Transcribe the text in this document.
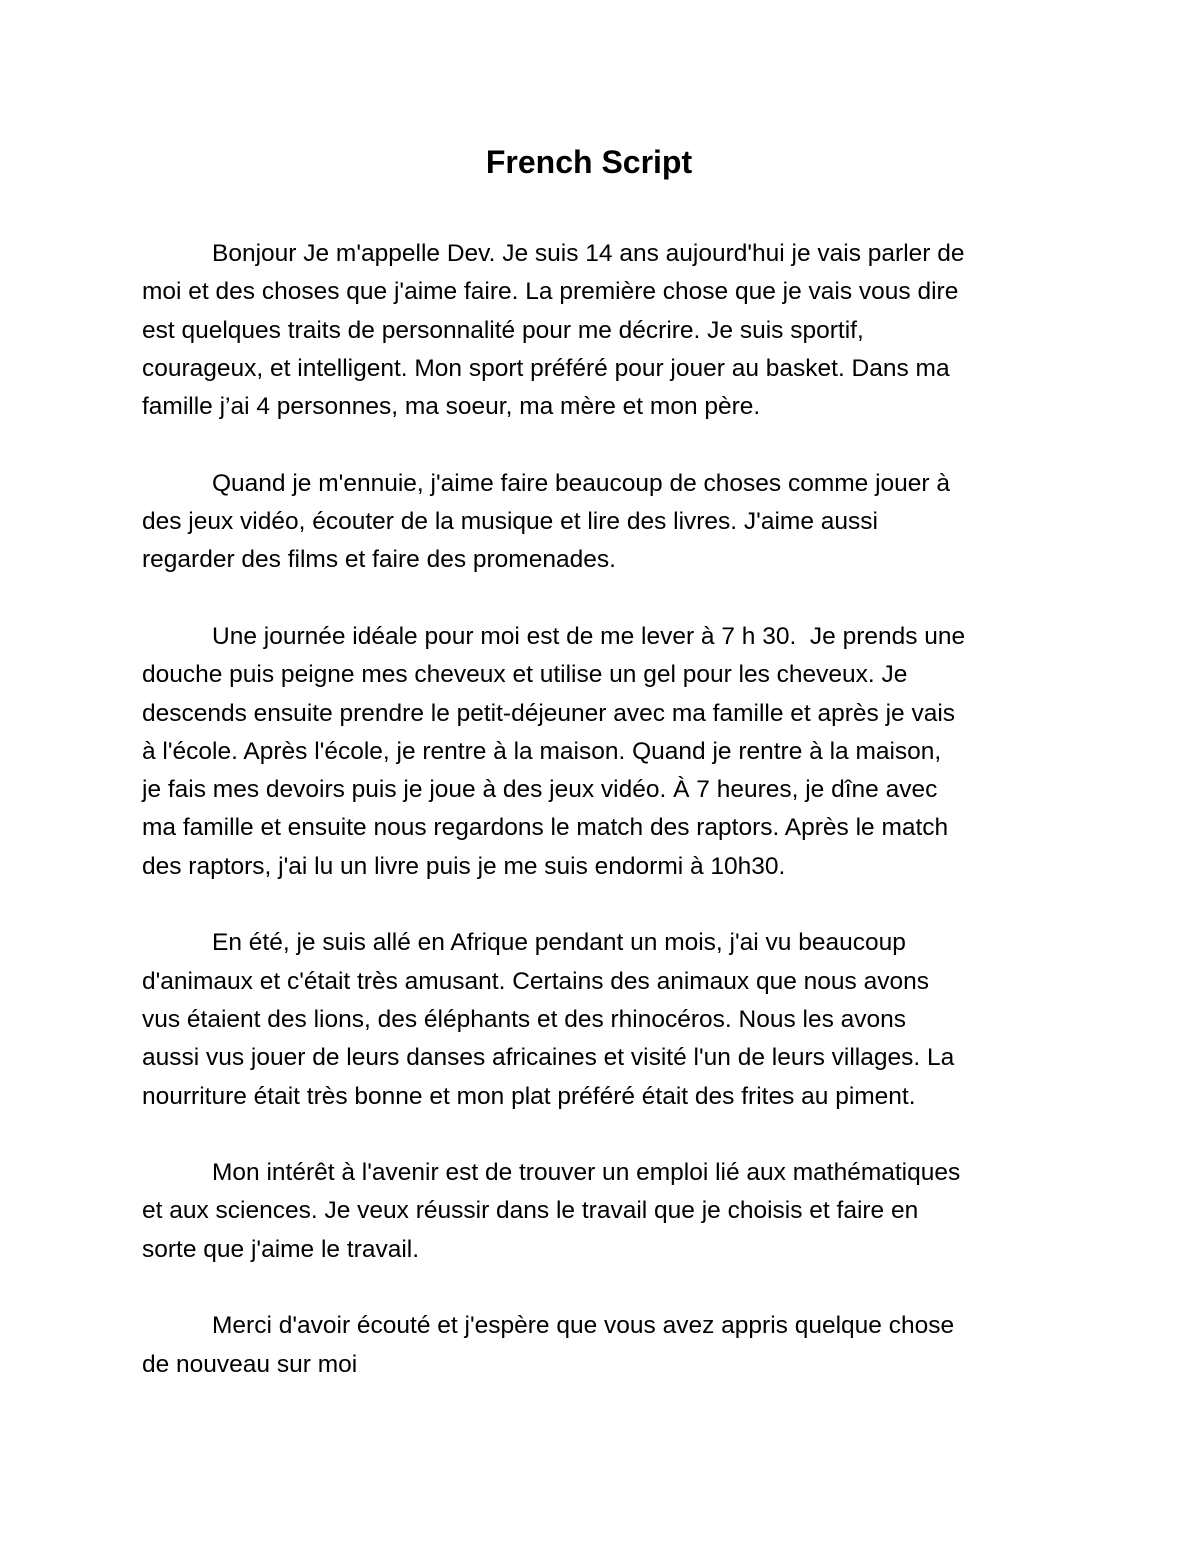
French Script
Bonjour Je m'appelle Dev. Je suis 14 ans aujourd'hui je vais parler de
moi et des choses que j'aime faire. La première chose que je vais vous dire
est quelques traits de personnalité pour me décrire. Je suis sportif,
courageux, et intelligent. Mon sport préféré pour jouer au basket. Dans ma
famille j’ai 4 personnes, ma soeur, ma mère et mon père.
Quand je m'ennuie, j'aime faire beaucoup de choses comme jouer à
des jeux vidéo, écouter de la musique et lire des livres. J'aime aussi
regarder des films et faire des promenades.
Une journée idéale pour moi est de me lever à 7 h 30.  Je prends une
douche puis peigne mes cheveux et utilise un gel pour les cheveux. Je
descends ensuite prendre le petit-déjeuner avec ma famille et après je vais
à l'école. Après l'école, je rentre à la maison. Quand je rentre à la maison,
je fais mes devoirs puis je joue à des jeux vidéo. À 7 heures, je dîne avec
ma famille et ensuite nous regardons le match des raptors. Après le match
des raptors, j'ai lu un livre puis je me suis endormi à 10h30.
En été, je suis allé en Afrique pendant un mois, j'ai vu beaucoup
d'animaux et c'était très amusant. Certains des animaux que nous avons
vus étaient des lions, des éléphants et des rhinocéros. Nous les avons
aussi vus jouer de leurs danses africaines et visité l'un de leurs villages. La
nourriture était très bonne et mon plat préféré était des frites au piment.
Mon intérêt à l'avenir est de trouver un emploi lié aux mathématiques
et aux sciences. Je veux réussir dans le travail que je choisis et faire en
sorte que j'aime le travail.
Merci d'avoir écouté et j'espère que vous avez appris quelque chose
de nouveau sur moi
